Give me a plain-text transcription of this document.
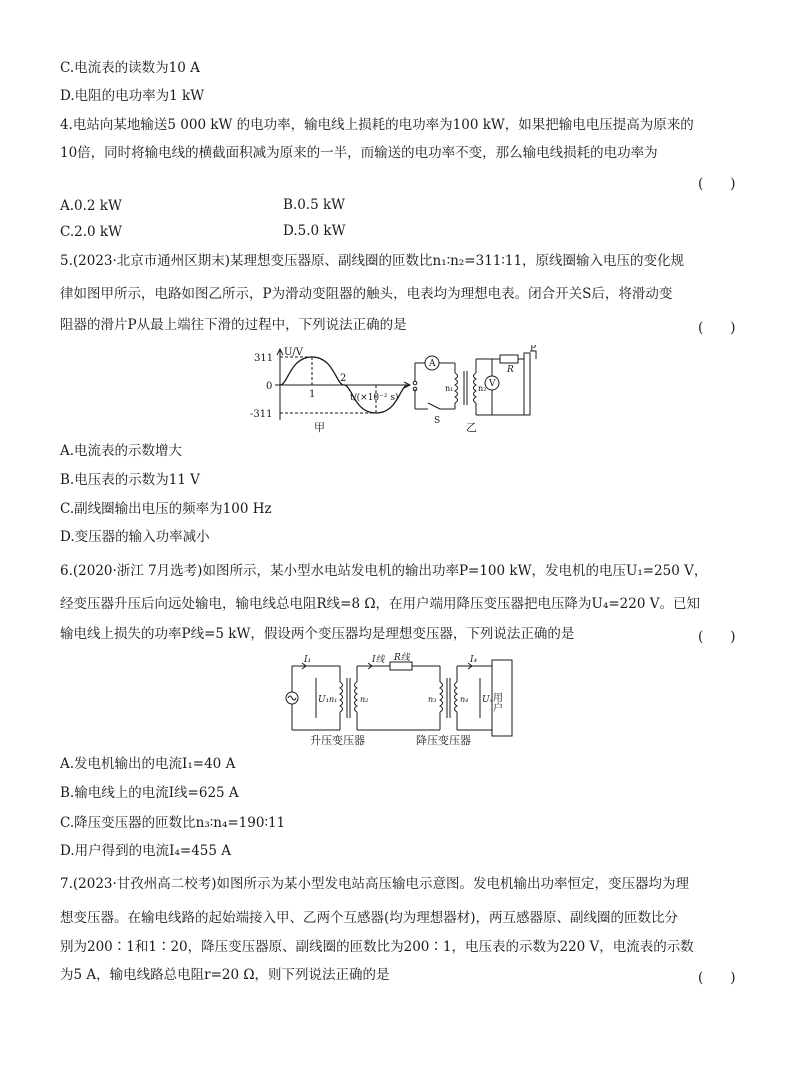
C.电流表的读数为10 A
D.电阻的电功率为1 kW
4.电站向某地输送5 000 kW 的电功率，输电线上损耗的电功率为100 kW，如果把输电电压提高为原来的
10倍，同时将输电线的横截面积减为原来的一半，而输送的电功率不变，那么输电线损耗的电功率为
(　　)
A.0.2 kW	B.0.5 kW
C.2.0 kW	D.5.0 kW
5.(2023·北京市通州区期末)某理想变压器原、副线圈的匝数比n₁∶n₂=311∶11，原线圈输入电压的变化规
律如图甲所示，电路如图乙所示，P为滑动变阻器的触头，电表均为理想电表。闭合开关S后，将滑动变
阻器的滑片P从最上端往下滑的过程中，下列说法正确的是	(　　)
U/V
311
0
-311
1
2
t/(×10⁻² s)
甲
A
V
n₁	n₂
R
P
S 乙
A.电流表的示数增大
B.电压表的示数为11 V
C.副线圈输出电压的频率为100 Hz
D.变压器的输入功率减小
6.(2020·浙江 7月选考)如图所示，某小型水电站发电机的输出功率P=100 kW，发电机的电压U₁=250 V，
经变压器升压后向远处输电，输电线总电阻R线=8 Ω，在用户端用降压变压器把电压降为U₄=220 V。已知
输电线上损失的功率P线=5 kW，假设两个变压器均是理想变压器，下列说法正确的是	(　　)
I₁	I线 R线	I₄
U₁ n₁	n₂	n₃	n₄ U₄
用户
升压变压器	降压变压器
A.发电机输出的电流I₁=40 A
B.输电线上的电流I线=625 A
C.降压变压器的匝数比n₃∶n₄=190∶11
D.用户得到的电流I₄=455 A
7.(2023·甘孜州高二校考)如图所示为某小型发电站高压输电示意图。发电机输出功率恒定，变压器均为理
想变压器。在输电线路的起始端接入甲、乙两个互感器(均为理想器材)，两互感器原、副线圈的匝数比分
别为200∶1和1∶20，降压变压器原、副线圈的匝数比为200∶1，电压表的示数为220 V，电流表的示数
为5 A，输电线路总电阻r=20 Ω，则下列说法正确的是	(　　)
